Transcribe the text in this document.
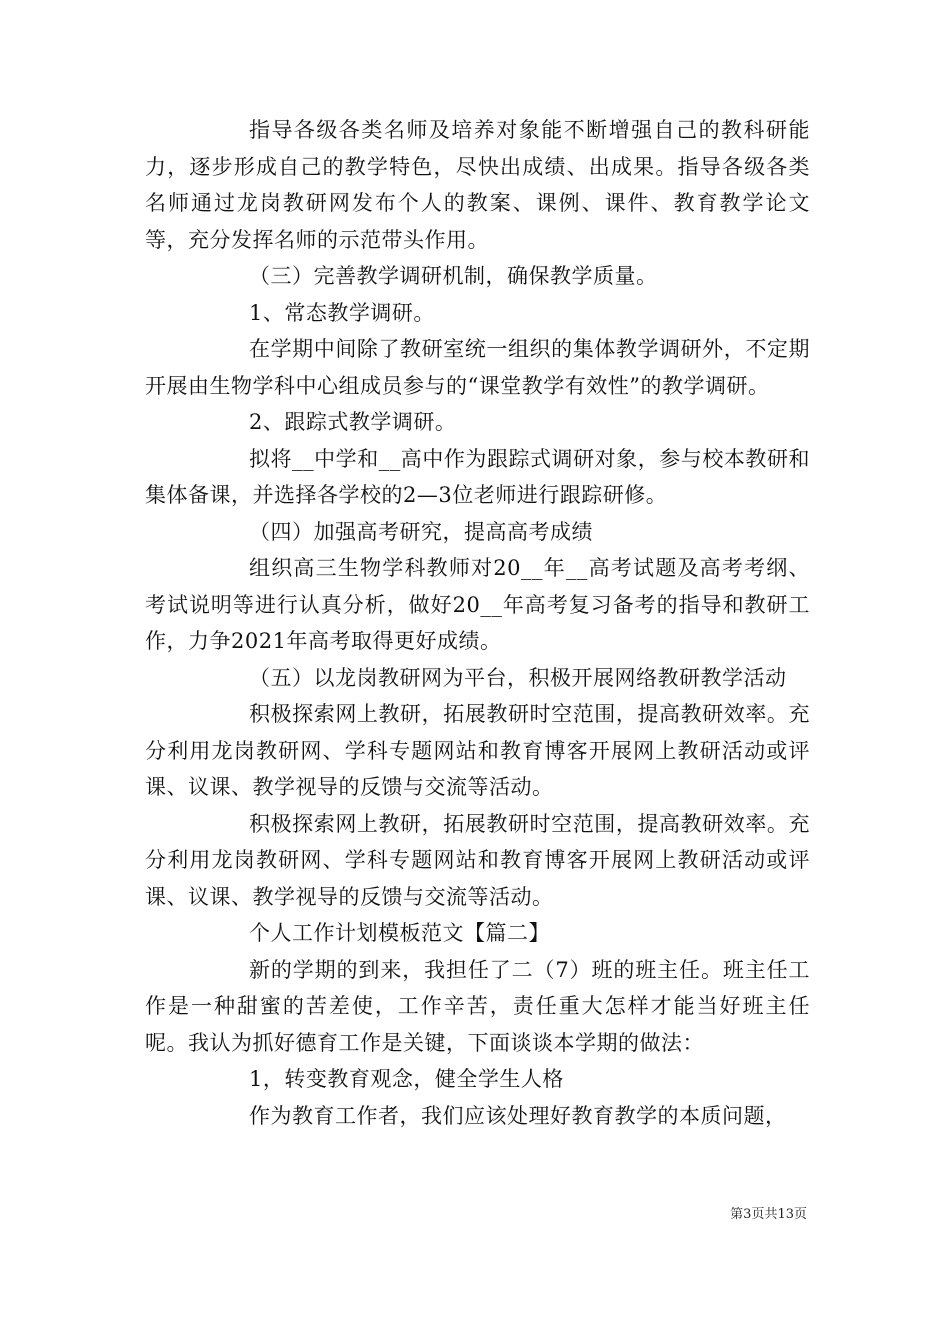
指导各级各类名师及培养对象能不断增强自己的教科研能力，逐步形成自己的教学特色，尽快出成绩、出成果。指导各级各类名师通过龙岗教研网发布个人的教案、课例、课件、教育教学论文等，充分发挥名师的示范带头作用。

（三）完善教学调研机制，确保教学质量。

1、常态教学调研。

在学期中间除了教研室统一组织的集体教学调研外，不定期开展由生物学科中心组成员参与的“课堂教学有效性”的教学调研。

2、跟踪式教学调研。

拟将__中学和__高中作为跟踪式调研对象，参与校本教研和集体备课，并选择各学校的2—3位老师进行跟踪研修。

（四）加强高考研究，提高高考成绩

组织高三生物学科教师对20__年__高考试题及高考考纲、考试说明等进行认真分析，做好20__年高考复习备考的指导和教研工作，力争2021年高考取得更好成绩。

（五）以龙岗教研网为平台，积极开展网络教研教学活动

积极探索网上教研，拓展教研时空范围，提高教研效率。充分利用龙岗教研网、学科专题网站和教育博客开展网上教研活动或评课、议课、教学视导的反馈与交流等活动。

积极探索网上教研，拓展教研时空范围，提高教研效率。充分利用龙岗教研网、学科专题网站和教育博客开展网上教研活动或评课、议课、教学视导的反馈与交流等活动。

个人工作计划模板范文【篇二】

新的学期的到来，我担任了二（7）班的班主任。班主任工作是一种甜蜜的苦差使，工作辛苦，责任重大怎样才能当好班主任呢。我认为抓好德育工作是关键，下面谈谈本学期的做法：

1，转变教育观念，健全学生人格

作为教育工作者，我们应该处理好教育教学的本质问题，

第3页共13页
